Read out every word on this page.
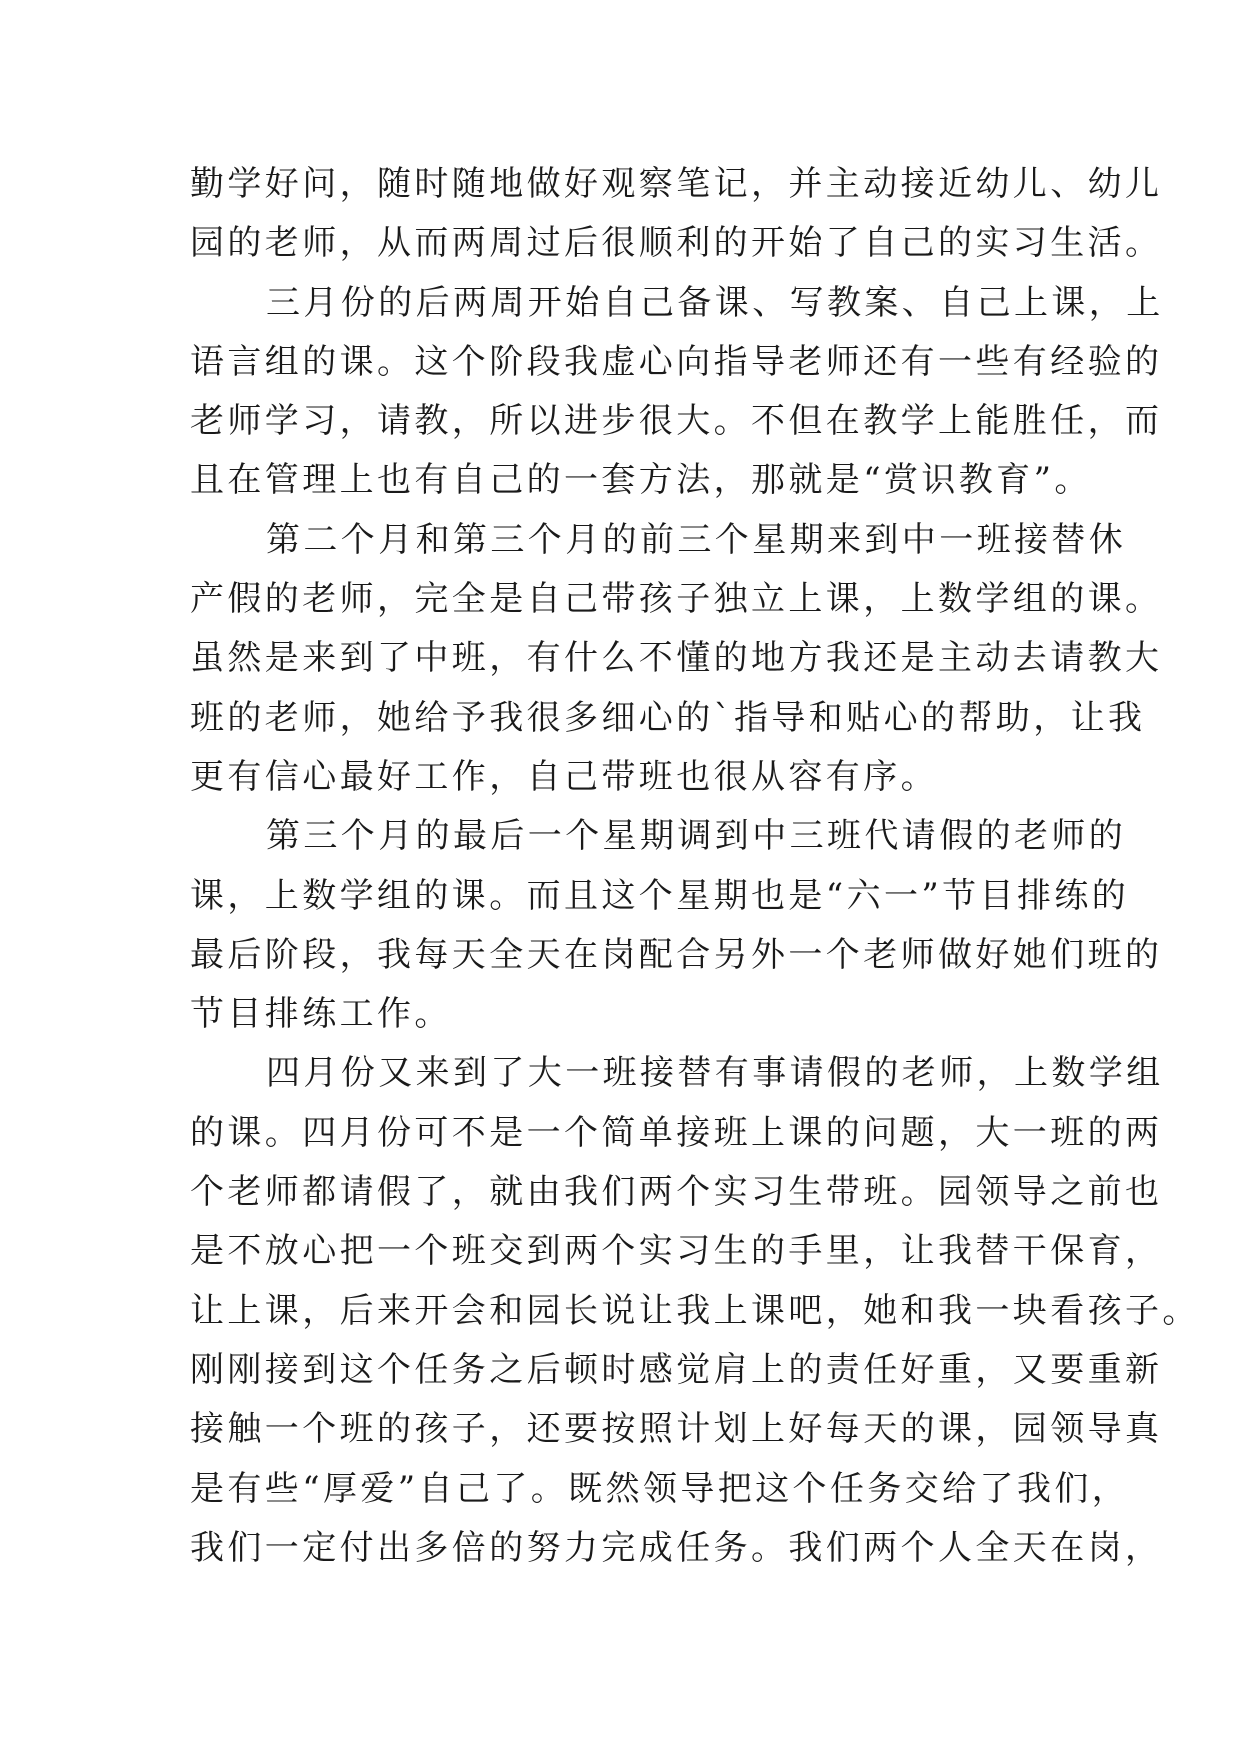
勤学好问，随时随地做好观察笔记，并主动接近幼儿、幼儿
园的老师，从而两周过后很顺利的开始了自己的实习生活。
三月份的后两周开始自己备课、写教案、自己上课，上
语言组的课。这个阶段我虚心向指导老师还有一些有经验的
老师学习，请教，所以进步很大。不但在教学上能胜任，而
且在管理上也有自己的一套方法，那就是“赏识教育”。
第二个月和第三个月的前三个星期来到中一班接替休
产假的老师，完全是自己带孩子独立上课，上数学组的课。
虽然是来到了中班，有什么不懂的地方我还是主动去请教大
班的老师，她给予我很多细心的`指导和贴心的帮助，让我
更有信心最好工作，自己带班也很从容有序。
第三个月的最后一个星期调到中三班代请假的老师的
课，上数学组的课。而且这个星期也是“六一”节目排练的
最后阶段，我每天全天在岗配合另外一个老师做好她们班的
节目排练工作。
四月份又来到了大一班接替有事请假的老师，上数学组
的课。四月份可不是一个简单接班上课的问题，大一班的两
个老师都请假了，就由我们两个实习生带班。园领导之前也
是不放心把一个班交到两个实习生的手里，让我替干保育，
让上课，后来开会和园长说让我上课吧，她和我一块看孩子。
刚刚接到这个任务之后顿时感觉肩上的责任好重，又要重新
接触一个班的孩子，还要按照计划上好每天的课，园领导真
是有些“厚爱”自己了。既然领导把这个任务交给了我们，
我们一定付出多倍的努力完成任务。我们两个人全天在岗，
